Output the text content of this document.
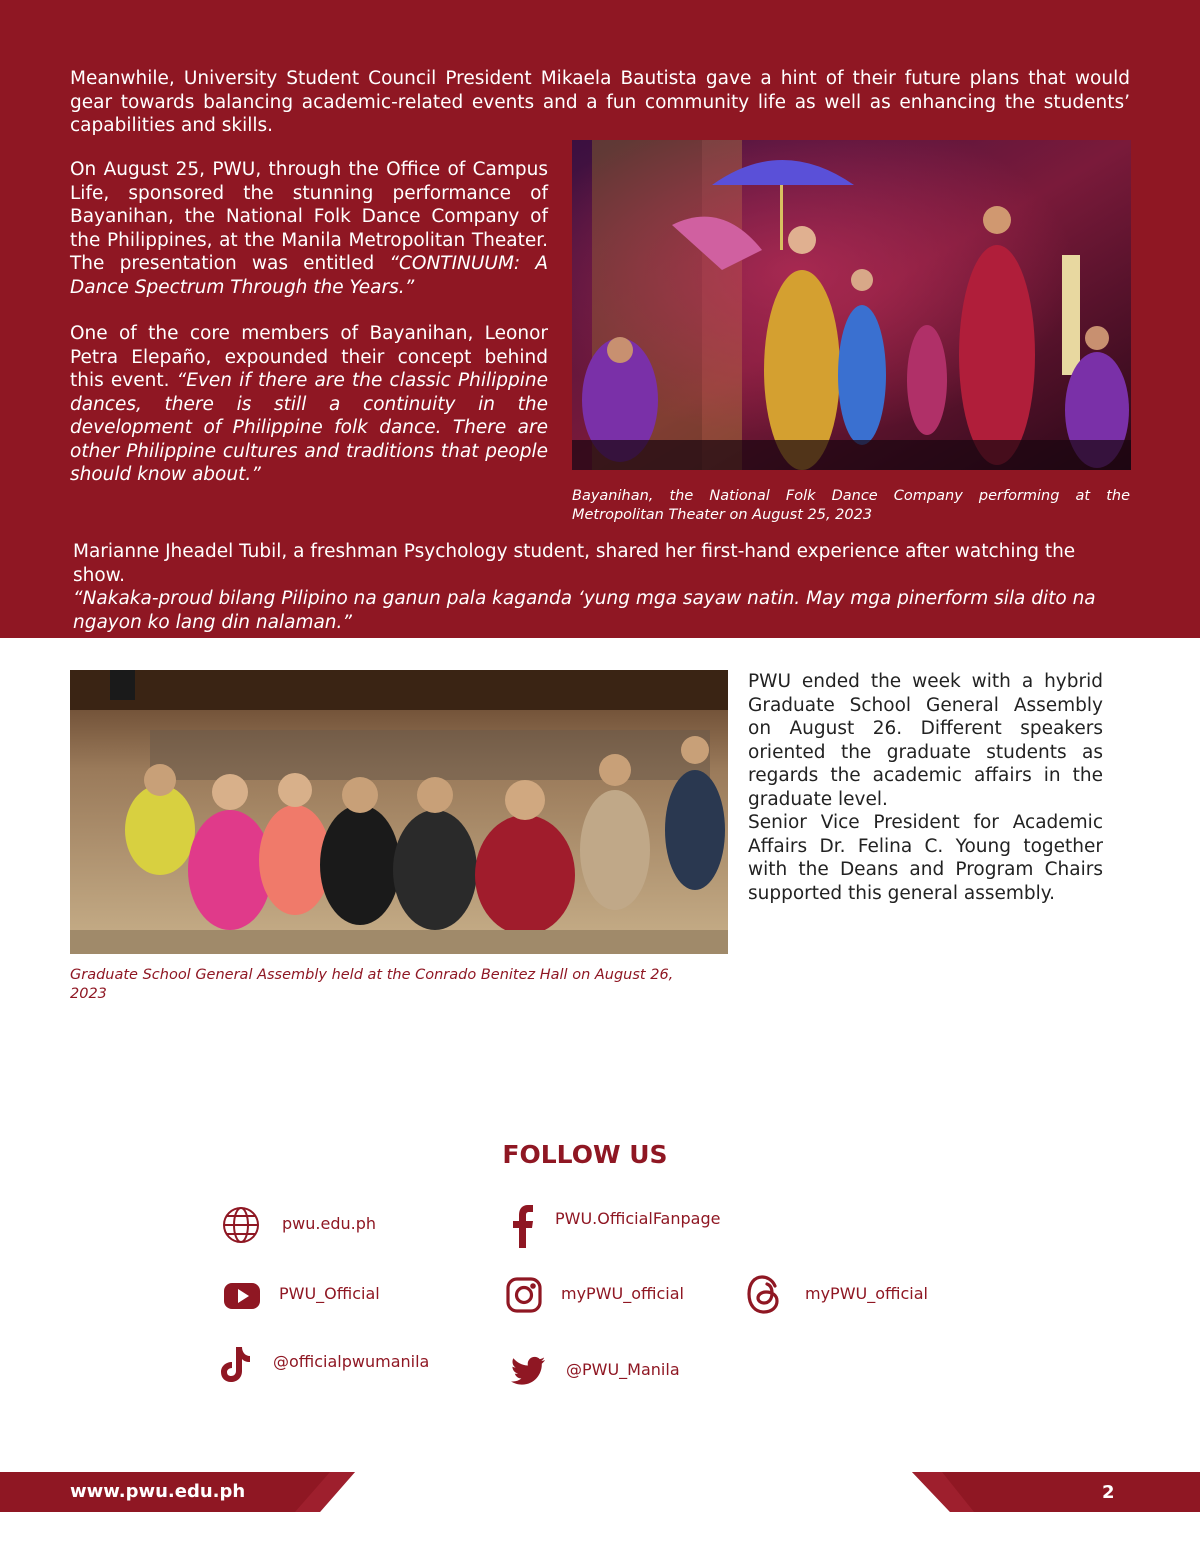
Meanwhile, University Student Council President Mikaela Bautista gave a hint of their future plans that would gear towards balancing academic-related events and a fun community life as well as enhancing the students’ capabilities and skills.

On August 25, PWU, through the Office of Campus Life, sponsored the stunning performance of Bayanihan, the National Folk Dance Company of the Philippines, at the Manila Metropolitan Theater. The presentation was entitled “CONTINUUM: A Dance Spectrum Through the Years.”

One of the core members of Bayanihan, Leonor Petra Elepaño, expounded their concept behind this event. “Even if there are the classic Philippine dances, there is still a continuity in the development of Philippine folk dance. There are other Philippine cultures and traditions that people should know about.”

Bayanihan, the National Folk Dance Company performing at the Metropolitan Theater on August 25, 2023

Marianne Jheadel Tubil, a freshman Psychology student, shared her first-hand experience after watching the show.
“Nakaka-proud bilang Pilipino na ganun pala kaganda ‘yung mga sayaw natin. May mga pinerform sila dito na ngayon ko lang din nalaman.”

Graduate School General Assembly held at the Conrado Benitez Hall on August 26, 2023

PWU ended the week with a hybrid Graduate School General Assembly on August 26. Different speakers oriented the graduate students as regards the academic affairs in the graduate level.

Senior Vice President for Academic Affairs Dr. Felina C. Young together with the Deans and Program Chairs supported this general assembly.

FOLLOW US
pwu.edu.ph	PWU.OfficialFanpage
PWU_Official	myPWU_official	myPWU_official
@officialpwumanila	@PWU_Manila
www.pwu.edu.ph	2
